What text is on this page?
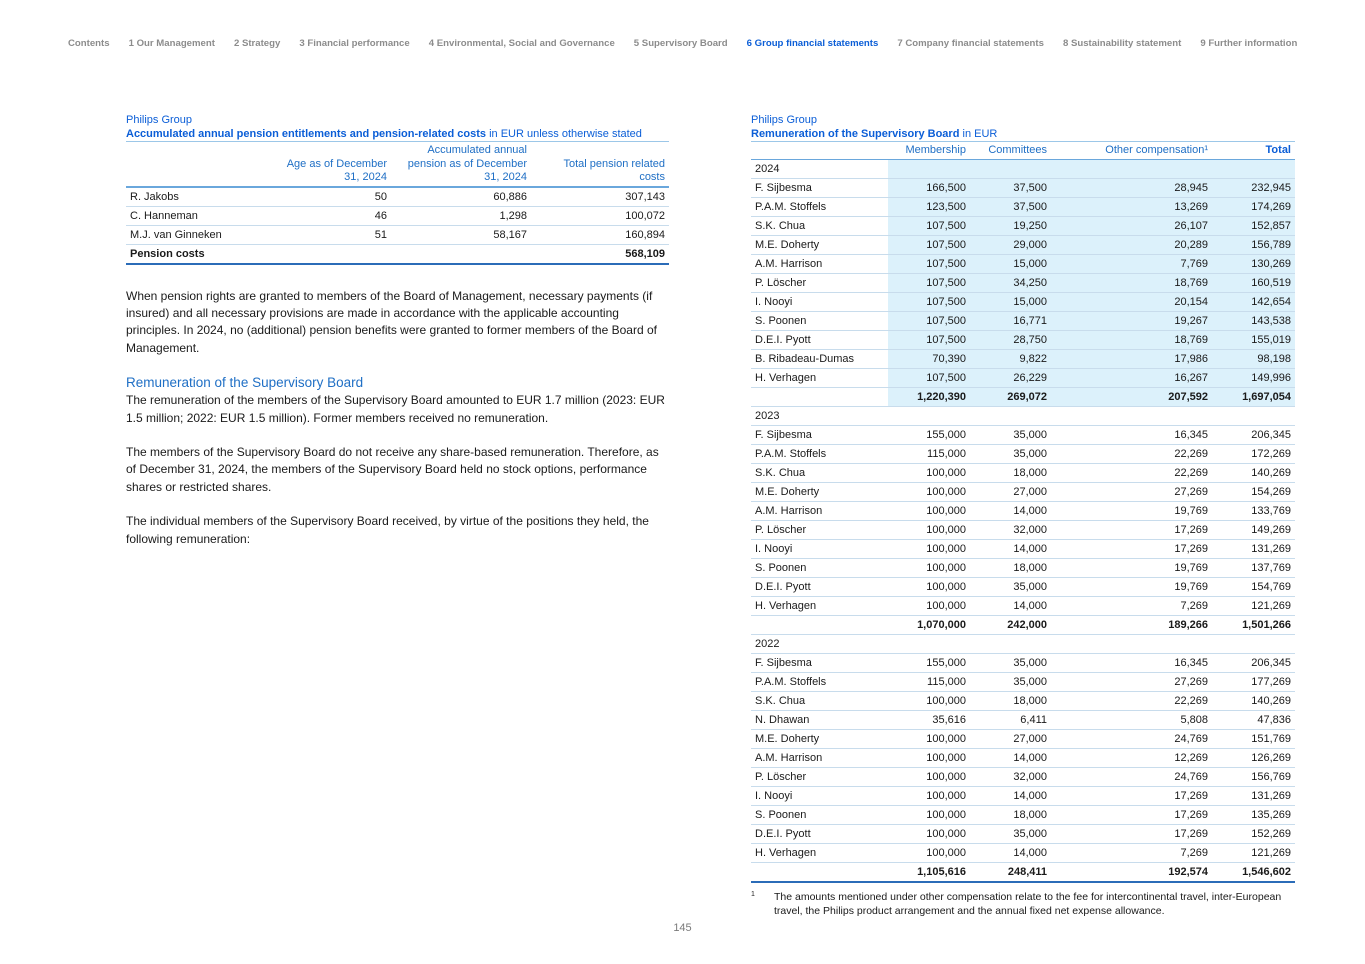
Contents 1 Our Management 2 Strategy 3 Financial performance 4 Environmental, Social and Governance 5 Supervisory Board 6 Group financial statements 7 Company financial statements 8 Sustainability statement 9 Further information
Philips Group
Accumulated annual pension entitlements and pension-related costs in EUR unless otherwise stated
	Age as of December 31, 2024	Accumulated annual pension as of December 31, 2024	Total pension related costs
R. Jakobs	50	60,886	307,143
C. Hanneman	46	1,298	100,072
M.J. van Ginneken	51	58,167	160,894
Pension costs			568,109
When pension rights are granted to members of the Board of Management, necessary payments (if insured) and all necessary provisions are made in accordance with the applicable accounting principles. In 2024, no (additional) pension benefits were granted to former members of the Board of Management.
Remuneration of the Supervisory Board
The remuneration of the members of the Supervisory Board amounted to EUR 1.7 million (2023: EUR 1.5 million; 2022: EUR 1.5 million). Former members received no remuneration.
The members of the Supervisory Board do not receive any share-based remuneration. Therefore, as of December 31, 2024, the members of the Supervisory Board held no stock options, performance shares or restricted shares.
The individual members of the Supervisory Board received, by virtue of the positions they held, the following remuneration:
Philips Group
Remuneration of the Supervisory Board in EUR
	Membership	Committees	Other compensation¹	Total
2024				
F. Sijbesma	166,500	37,500	28,945	232,945
P.A.M. Stoffels	123,500	37,500	13,269	174,269
S.K. Chua	107,500	19,250	26,107	152,857
M.E. Doherty	107,500	29,000	20,289	156,789
A.M. Harrison	107,500	15,000	7,769	130,269
P. Löscher	107,500	34,250	18,769	160,519
I. Nooyi	107,500	15,000	20,154	142,654
S. Poonen	107,500	16,771	19,267	143,538
D.E.I. Pyott	107,500	28,750	18,769	155,019
B. Ribadeau-Dumas	70,390	9,822	17,986	98,198
H. Verhagen	107,500	26,229	16,267	149,996
	1,220,390	269,072	207,592	1,697,054
2023				
F. Sijbesma	155,000	35,000	16,345	206,345
P.A.M. Stoffels	115,000	35,000	22,269	172,269
S.K. Chua	100,000	18,000	22,269	140,269
M.E. Doherty	100,000	27,000	27,269	154,269
A.M. Harrison	100,000	14,000	19,769	133,769
P. Löscher	100,000	32,000	17,269	149,269
I. Nooyi	100,000	14,000	17,269	131,269
S. Poonen	100,000	18,000	19,769	137,769
D.E.I. Pyott	100,000	35,000	19,769	154,769
H. Verhagen	100,000	14,000	7,269	121,269
	1,070,000	242,000	189,266	1,501,266
2022				
F. Sijbesma	155,000	35,000	16,345	206,345
P.A.M. Stoffels	115,000	35,000	27,269	177,269
S.K. Chua	100,000	18,000	22,269	140,269
N. Dhawan	35,616	6,411	5,808	47,836
M.E. Doherty	100,000	27,000	24,769	151,769
A.M. Harrison	100,000	14,000	12,269	126,269
P. Löscher	100,000	32,000	24,769	156,769
I. Nooyi	100,000	14,000	17,269	131,269
S. Poonen	100,000	18,000	17,269	135,269
D.E.I. Pyott	100,000	35,000	17,269	152,269
H. Verhagen	100,000	14,000	7,269	121,269
	1,105,616	248,411	192,574	1,546,602
1	The amounts mentioned under other compensation relate to the fee for intercontinental travel, inter-European travel, the Philips product arrangement and the annual fixed net expense allowance.
145
